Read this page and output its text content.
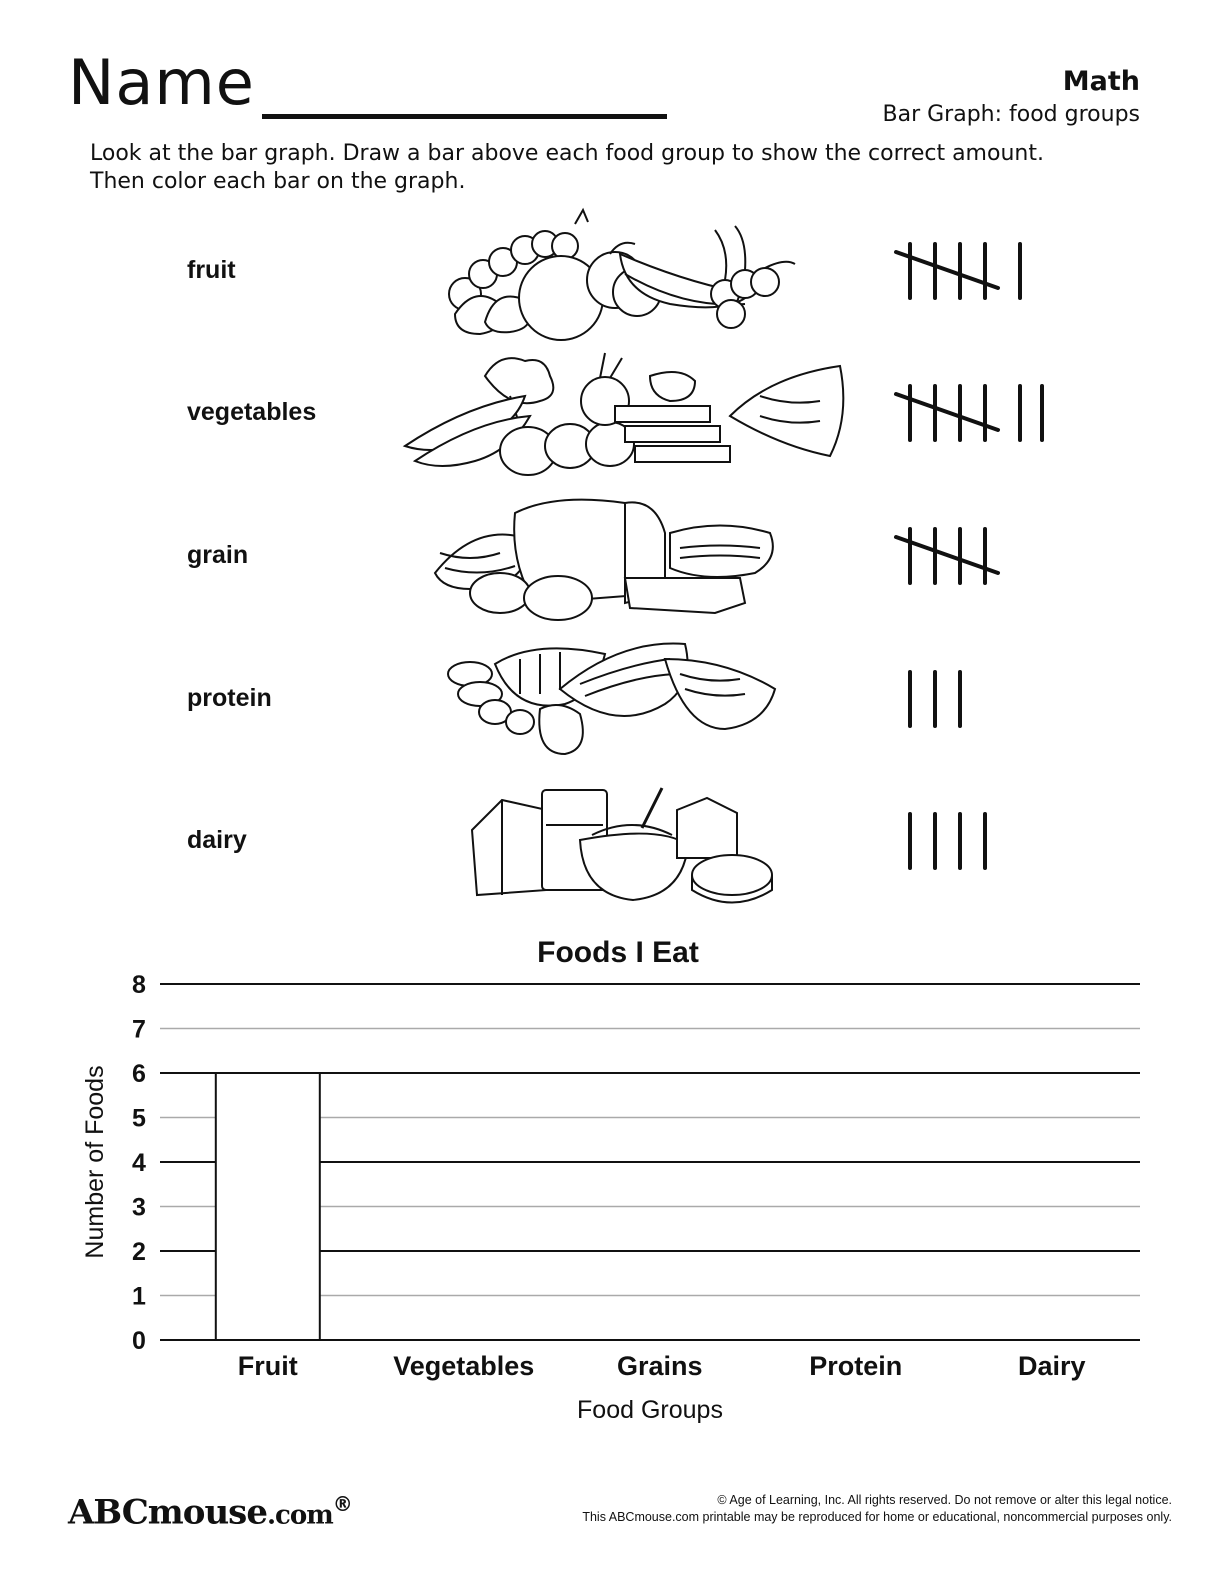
Name	Math
Bar Graph: food groups
Look at the bar graph. Draw a bar above each food group to show the correct amount.
Then color each bar on the graph.
fruit
vegetables
grain
protein
dairy
Foods I Eat
0
1
2
3
4
5
6
7
8
Fruit	Vegetables	Grains	Protein	Dairy
Number of Foods
Food Groups
ABCmouse.com®	© Age of Learning, Inc. All rights reserved. Do not remove or alter this legal notice.
This ABCmouse.com printable may be reproduced for home or educational, noncommercial purposes only.
